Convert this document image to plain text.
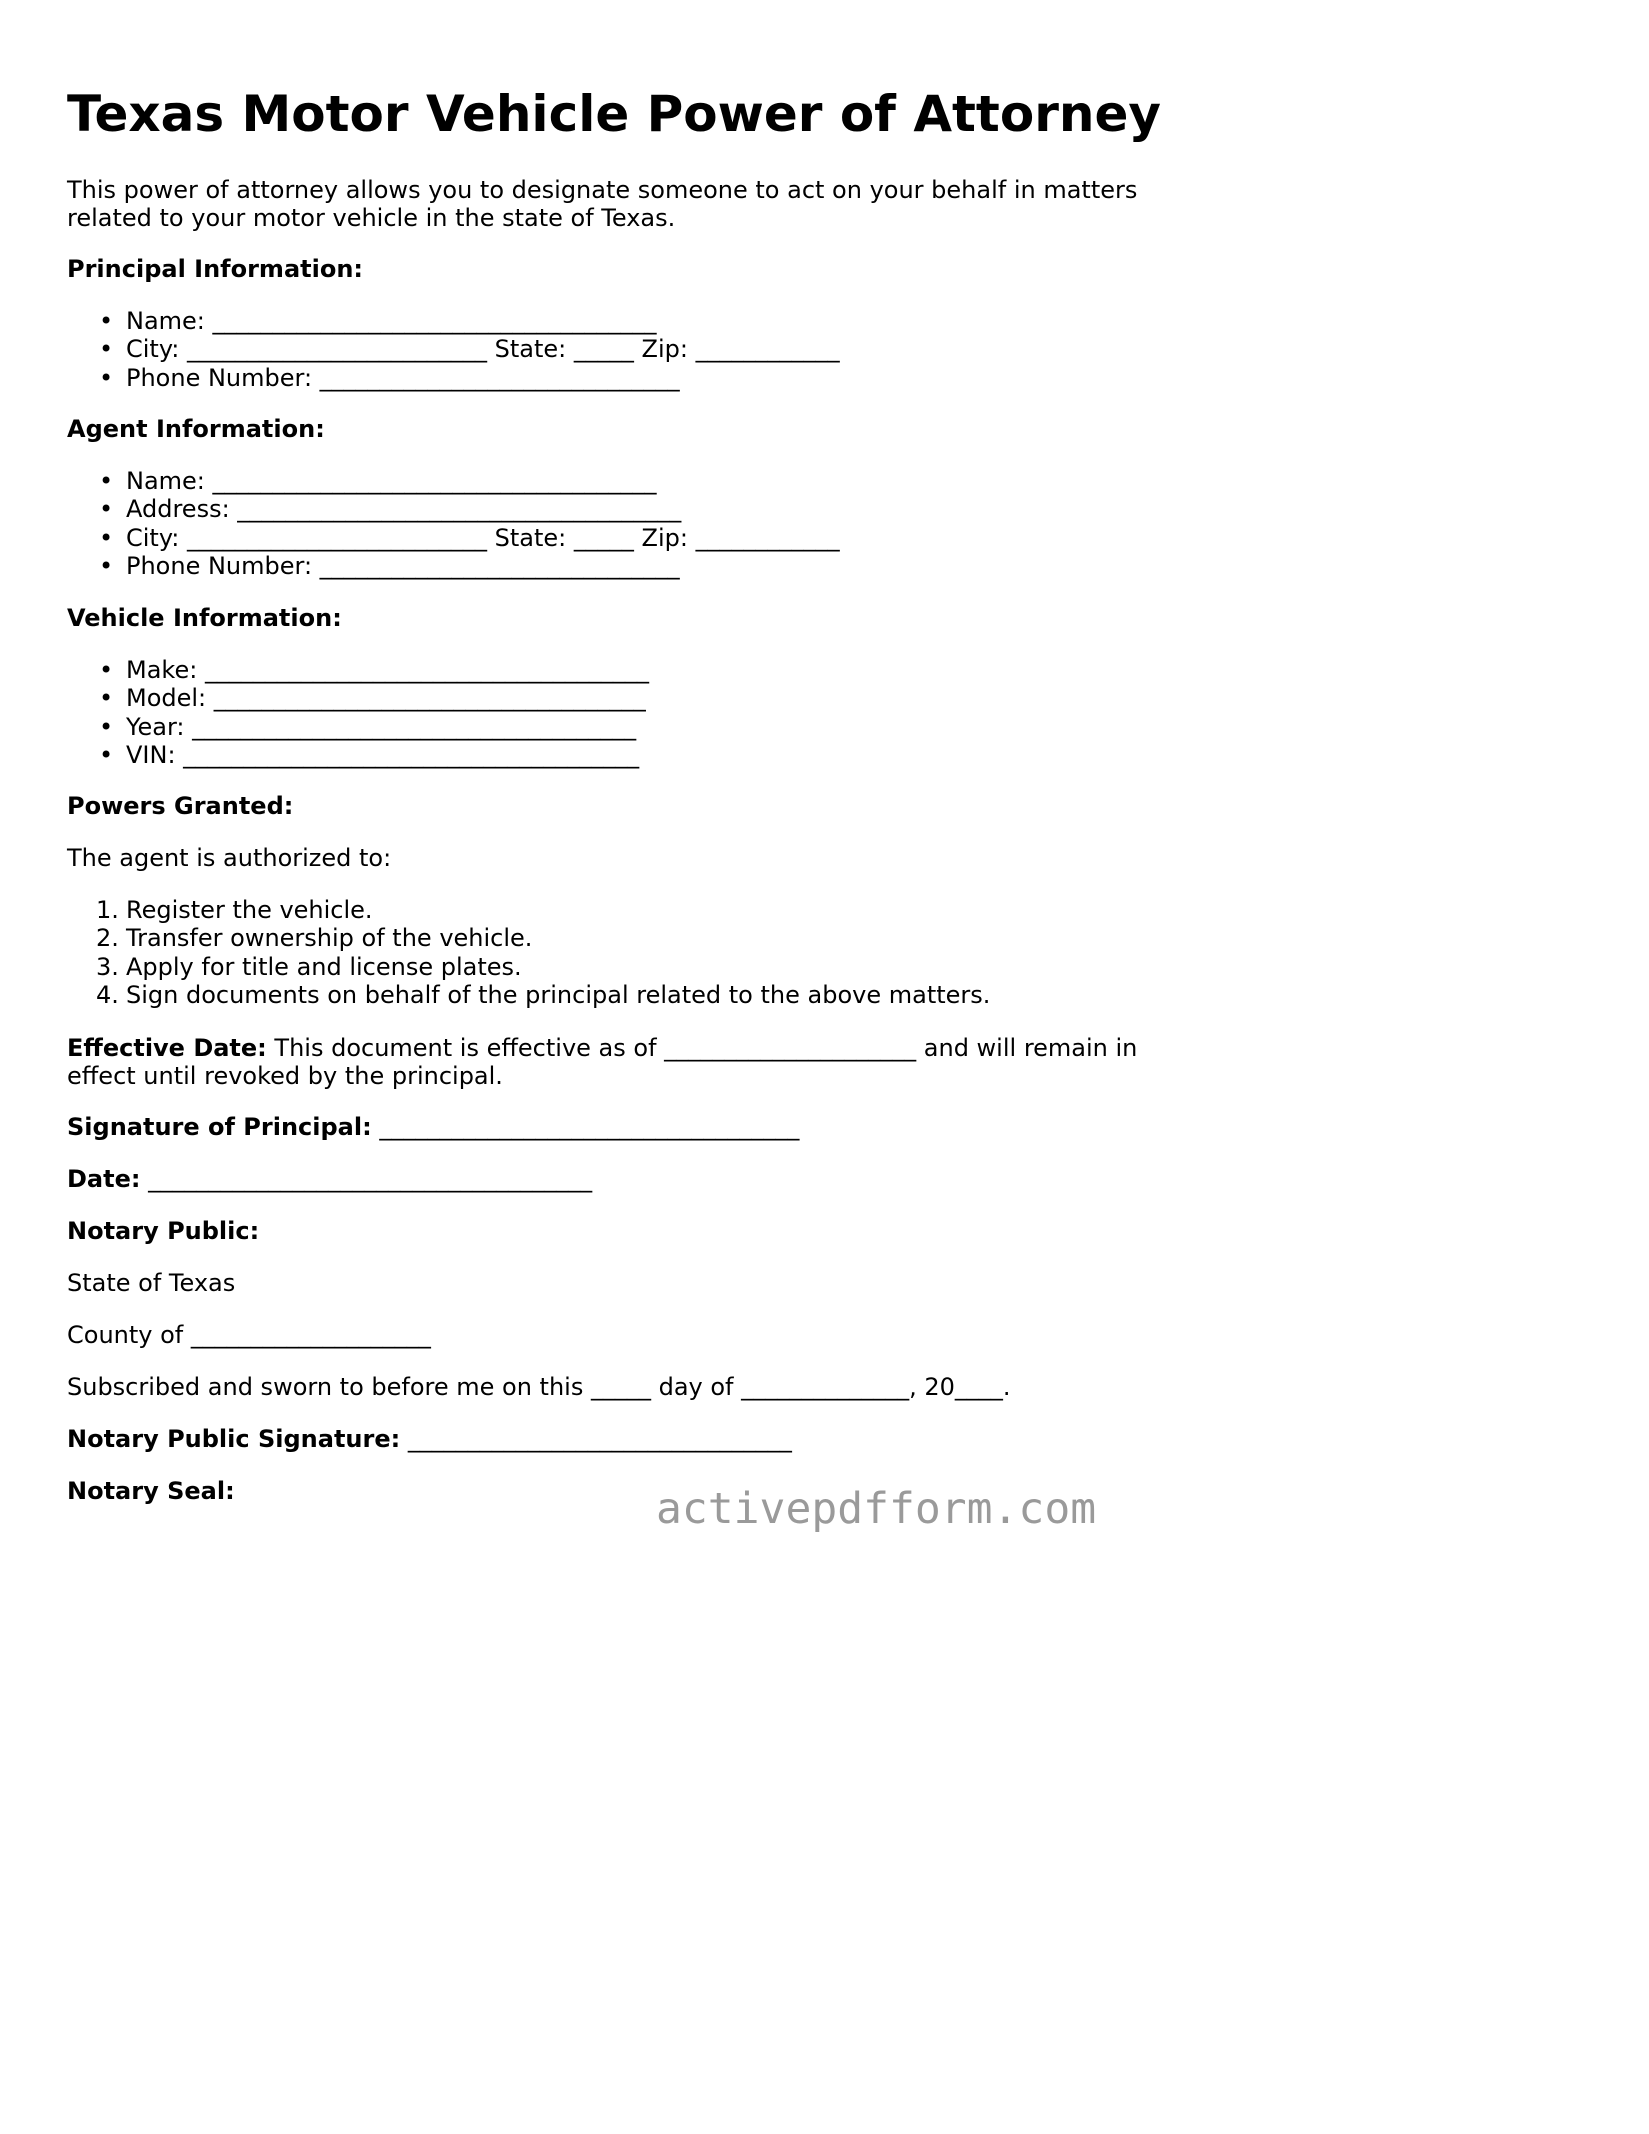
Texas Motor Vehicle Power of Attorney

This power of attorney allows you to designate someone to act on your behalf in matters related to your motor vehicle in the state of Texas.

Principal Information:
• Name: _____________________________________
• City: _________________________ State: _____ Zip: ____________
• Phone Number: ______________________________
Agent Information:
• Name: _____________________________________
• Address: _____________________________________
• City: _________________________ State: _____ Zip: ____________
• Phone Number: ______________________________
Vehicle Information:
• Make: _____________________________________
• Model: ____________________________________
• Year: _____________________________________
• VIN: ______________________________________
Powers Granted:
The agent is authorized to:
1. Register the vehicle.
2. Transfer ownership of the vehicle.
3. Apply for title and license plates.
4. Sign documents on behalf of the principal related to the above matters.

Effective Date: This document is effective as of _____________________ and will remain in effect until revoked by the principal.

Signature of Principal: ___________________________________
Date: _____________________________________
Notary Public:
State of Texas
County of ____________________
Subscribed and sworn to before me on this _____ day of ______________, 20____.
Notary Public Signature: ________________________________
Notary Seal:	activepdfform.com
